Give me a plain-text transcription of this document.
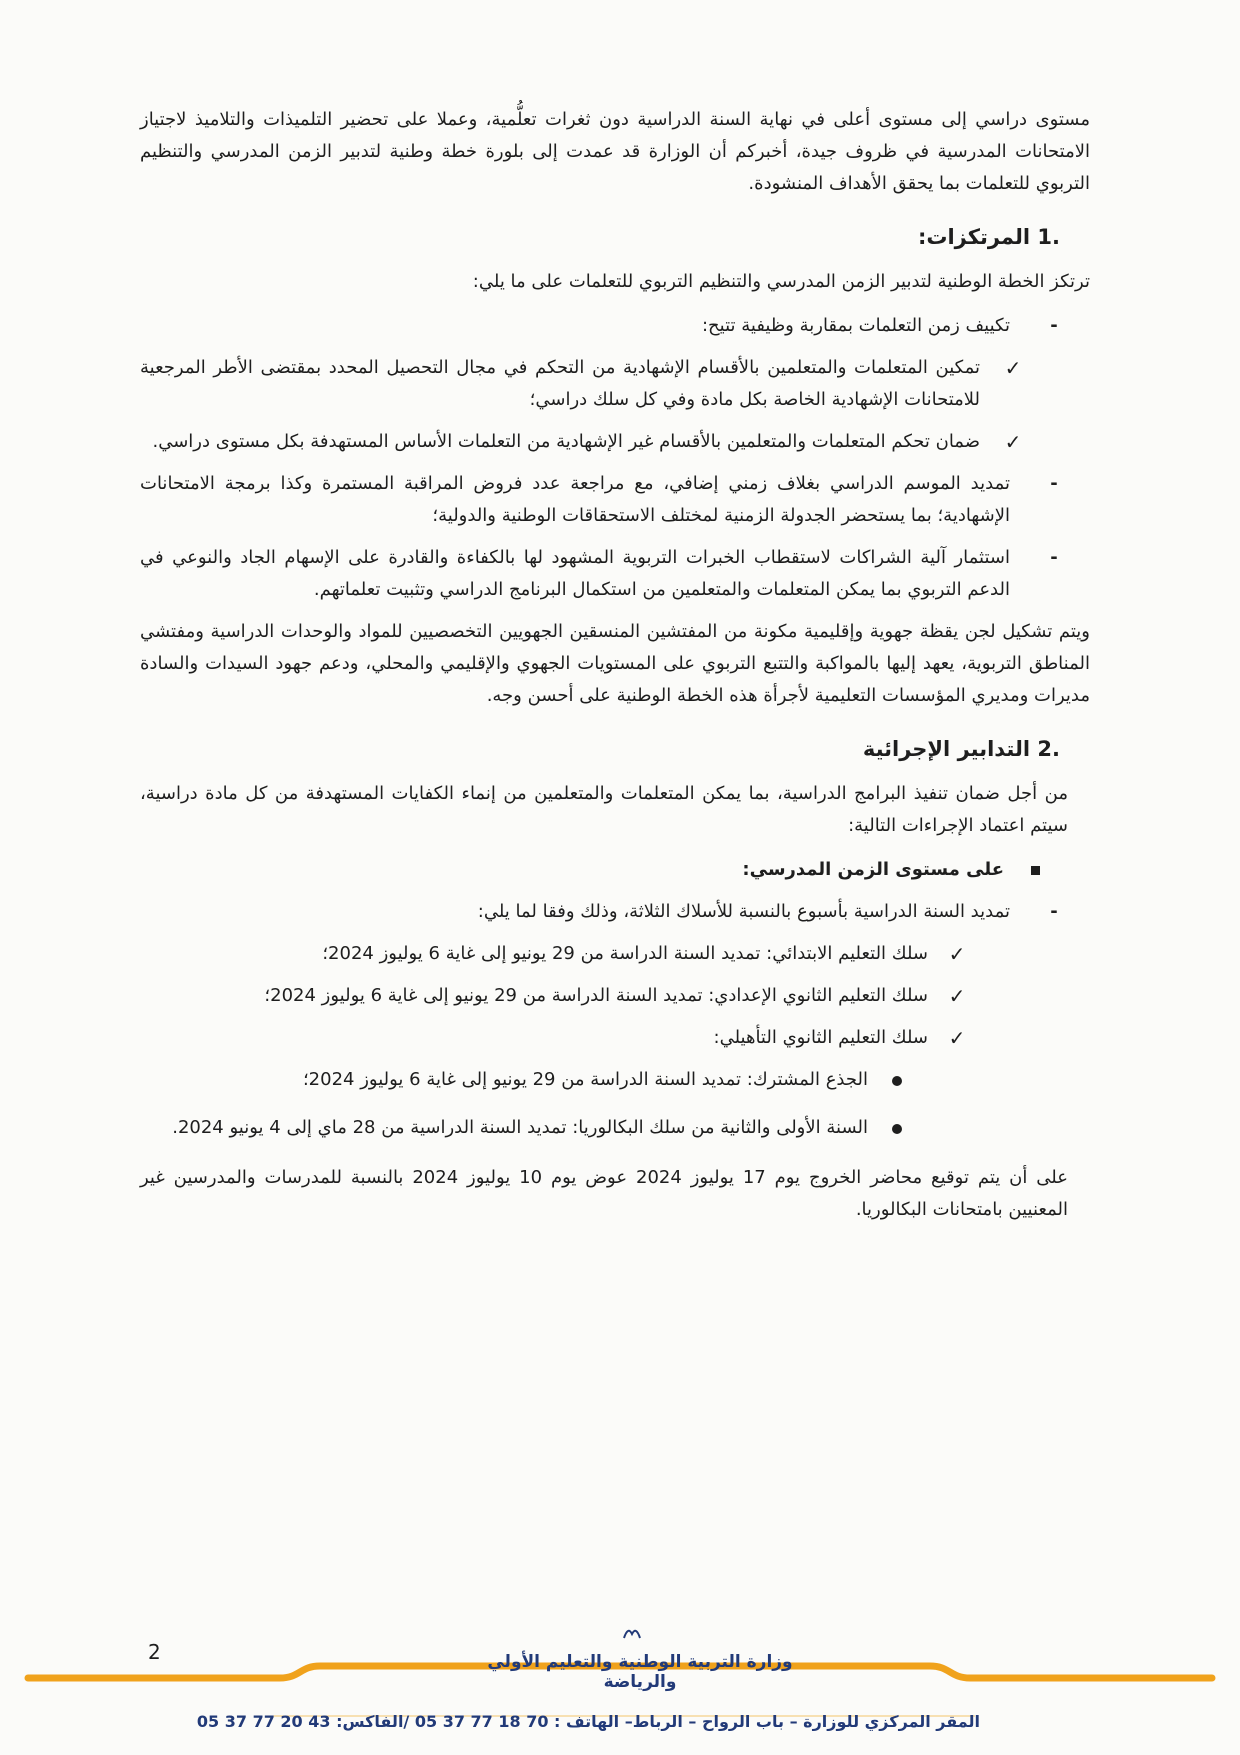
مستوى دراسي إلى مستوى أعلى في نهاية السنة الدراسية دون ثغرات تعلُّمية، وعملا على تحضير التلميذات والتلاميذ لاجتياز الامتحانات المدرسية في ظروف جيدة، أخبركم أن الوزارة قد عمدت إلى بلورة خطة وطنية لتدبير الزمن المدرسي والتنظيم التربوي للتعلمات بما يحقق الأهداف المنشودة.

.1 المرتكزات:

ترتكز الخطة الوطنية لتدبير الزمن المدرسي والتنظيم التربوي للتعلمات على ما يلي:

-
تكييف زمن التعلمات بمقاربة وظيفية تتيح:
✓
تمكين المتعلمات والمتعلمين بالأقسام الإشهادية من التحكم في مجال التحصيل المحدد بمقتضى الأطر المرجعية للامتحانات الإشهادية الخاصة بكل مادة وفي كل سلك دراسي؛
✓
ضمان تحكم المتعلمات والمتعلمين بالأقسام غير الإشهادية من التعلمات الأساس المستهدفة بكل مستوى دراسي.
-
تمديد الموسم الدراسي بغلاف زمني إضافي، مع مراجعة عدد فروض المراقبة المستمرة وكذا برمجة الامتحانات الإشهادية؛ بما يستحضر الجدولة الزمنية لمختلف الاستحقاقات الوطنية والدولية؛
-
استثمار آلية الشراكات لاستقطاب الخبرات التربوية المشهود لها بالكفاءة والقادرة على الإسهام الجاد والنوعي في الدعم التربوي بما يمكن المتعلمات والمتعلمين من استكمال البرنامج الدراسي وتثبيت تعلماتهم.

ويتم تشكيل لجن يقظة جهوية وإقليمية مكونة من المفتشين المنسقين الجهويين التخصصيين للمواد والوحدات الدراسية ومفتشي المناطق التربوية، يعهد إليها بالمواكبة والتتبع التربوي على المستويات الجهوي والإقليمي والمحلي، ودعم جهود السيدات والسادة مديرات ومديري المؤسسات التعليمية لأجرأة هذه الخطة الوطنية على أحسن وجه.

.2 التدابير الإجرائية

من أجل ضمان تنفيذ البرامج الدراسية، بما يمكن المتعلمات والمتعلمين من إنماء الكفايات المستهدفة من كل مادة دراسية، سيتم اعتماد الإجراءات التالية:

على مستوى الزمن المدرسي:
-
تمديد السنة الدراسية بأسبوع بالنسبة للأسلاك الثلاثة، وذلك وفقا لما يلي:
✓
سلك التعليم الابتدائي: تمديد السنة الدراسة من 29 يونيو إلى غاية 6 يوليوز 2024؛
✓
سلك التعليم الثانوي الإعدادي: تمديد السنة الدراسة من 29 يونيو إلى غاية 6 يوليوز 2024؛
✓
سلك التعليم الثانوي التأهيلي:
الجذع المشترك: تمديد السنة الدراسة من 29 يونيو إلى غاية 6 يوليوز 2024؛
السنة الأولى والثانية من سلك البكالوريا: تمديد السنة الدراسية من 28 ماي إلى 4 يونيو 2024.

على أن يتم توقيع محاضر الخروج يوم 17 يوليوز 2024 عوض يوم 10 يوليوز 2024 بالنسبة للمدرسات والمدرسين غير المعنيين بامتحانات البكالوريا.

2	وزارة التربية الوطنية والتعليم الأولي والرياضة
المقر المركزي للوزارة – باب الرواح – الرباط– الهاتف : 70 18 77 37 05 /الفاكس: 43 20 77 37 05
